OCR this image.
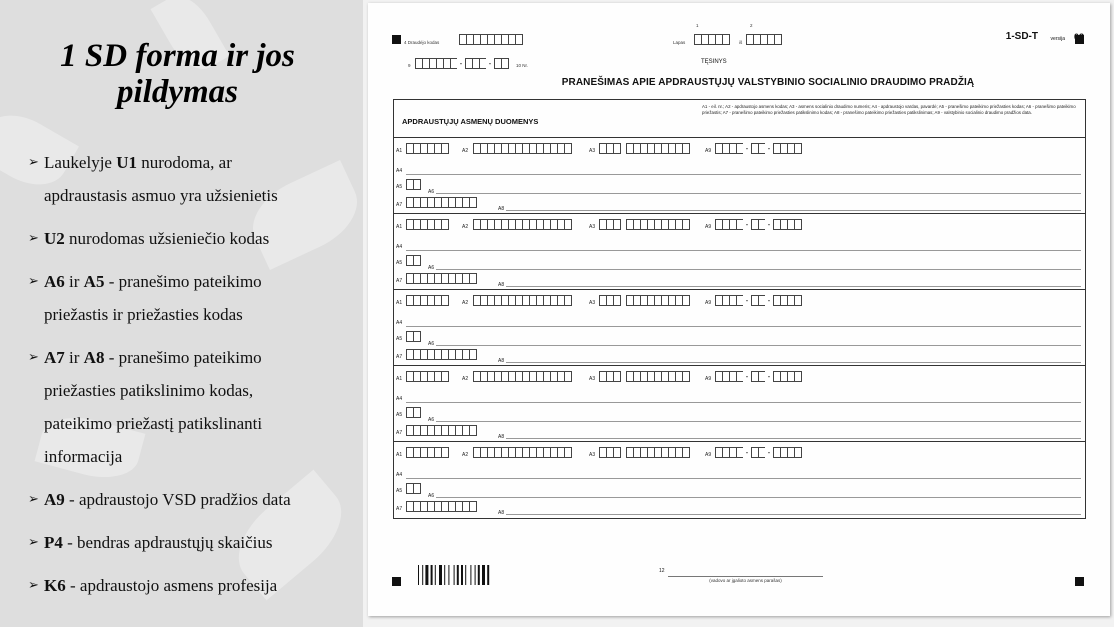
1 SD forma ir jos
pildymas
➢ Laukelyje U1 nurodoma, ar
apdraustasis asmuo yra užsienietis
➢ U2 nurodomas užsieniečio kodas
➢ A6 ir A5 - pranešimo pateikimo
priežastis ir priežasties kodas
➢ A7 ir A8 - pranešimo pateikimo
priežasties patikslinimo kodas,
pateikimo priežastį patikslinanti
informacija
➢ A9 - apdraustojo VSD pradžios data
➢ P4 - bendras apdraustųjų skaičius
➢ K6 - apdraustojo asmens profesija
4 Draudėjo kodas
1	2
Lapas	iš
1-SD-T	versija 03
9	-	-	10 Nr.
TĘSINYS
PRANEŠIMAS APIE APDRAUSTŲJŲ VALSTYBINIO SOCIALINIO DRAUDIMO PRADŽIĄ
APDRAUSTŲJŲ ASMENŲ DUOMENYS
A1 - eil. nr.; A2 - apdraustojo asmens kodas; A3 - asmens socialinio draudimo numeris; A4 - apdraustojo vardas, pavardė; A5 - pranešimo pateikimo priežasties kodas; A6 - pranešimo pateikimo priežastis; A7 - pranešimo pateikimo priežasties patikslinimo kodas; A8 - pranešimo pateikimo priežasties patikslinimas; A9 - valstybinio socialinio draudimo pradžios data.
A1	A2	A3	A9	-	-
A4
A5
A6
A7
A8
A1	A2	A3	A9	-	-
A4
A5
A6
A7
A8
A1	A2	A3	A9	-	-
A4
A5
A6
A7
A8
A1	A2	A3	A9	-	-
A4
A5
A6
A7
A8
A1	A2	A3	A9	-	-
A4
A5
A6
A7
A8
12
(vadovo ar įgalioto asmens parašas)
